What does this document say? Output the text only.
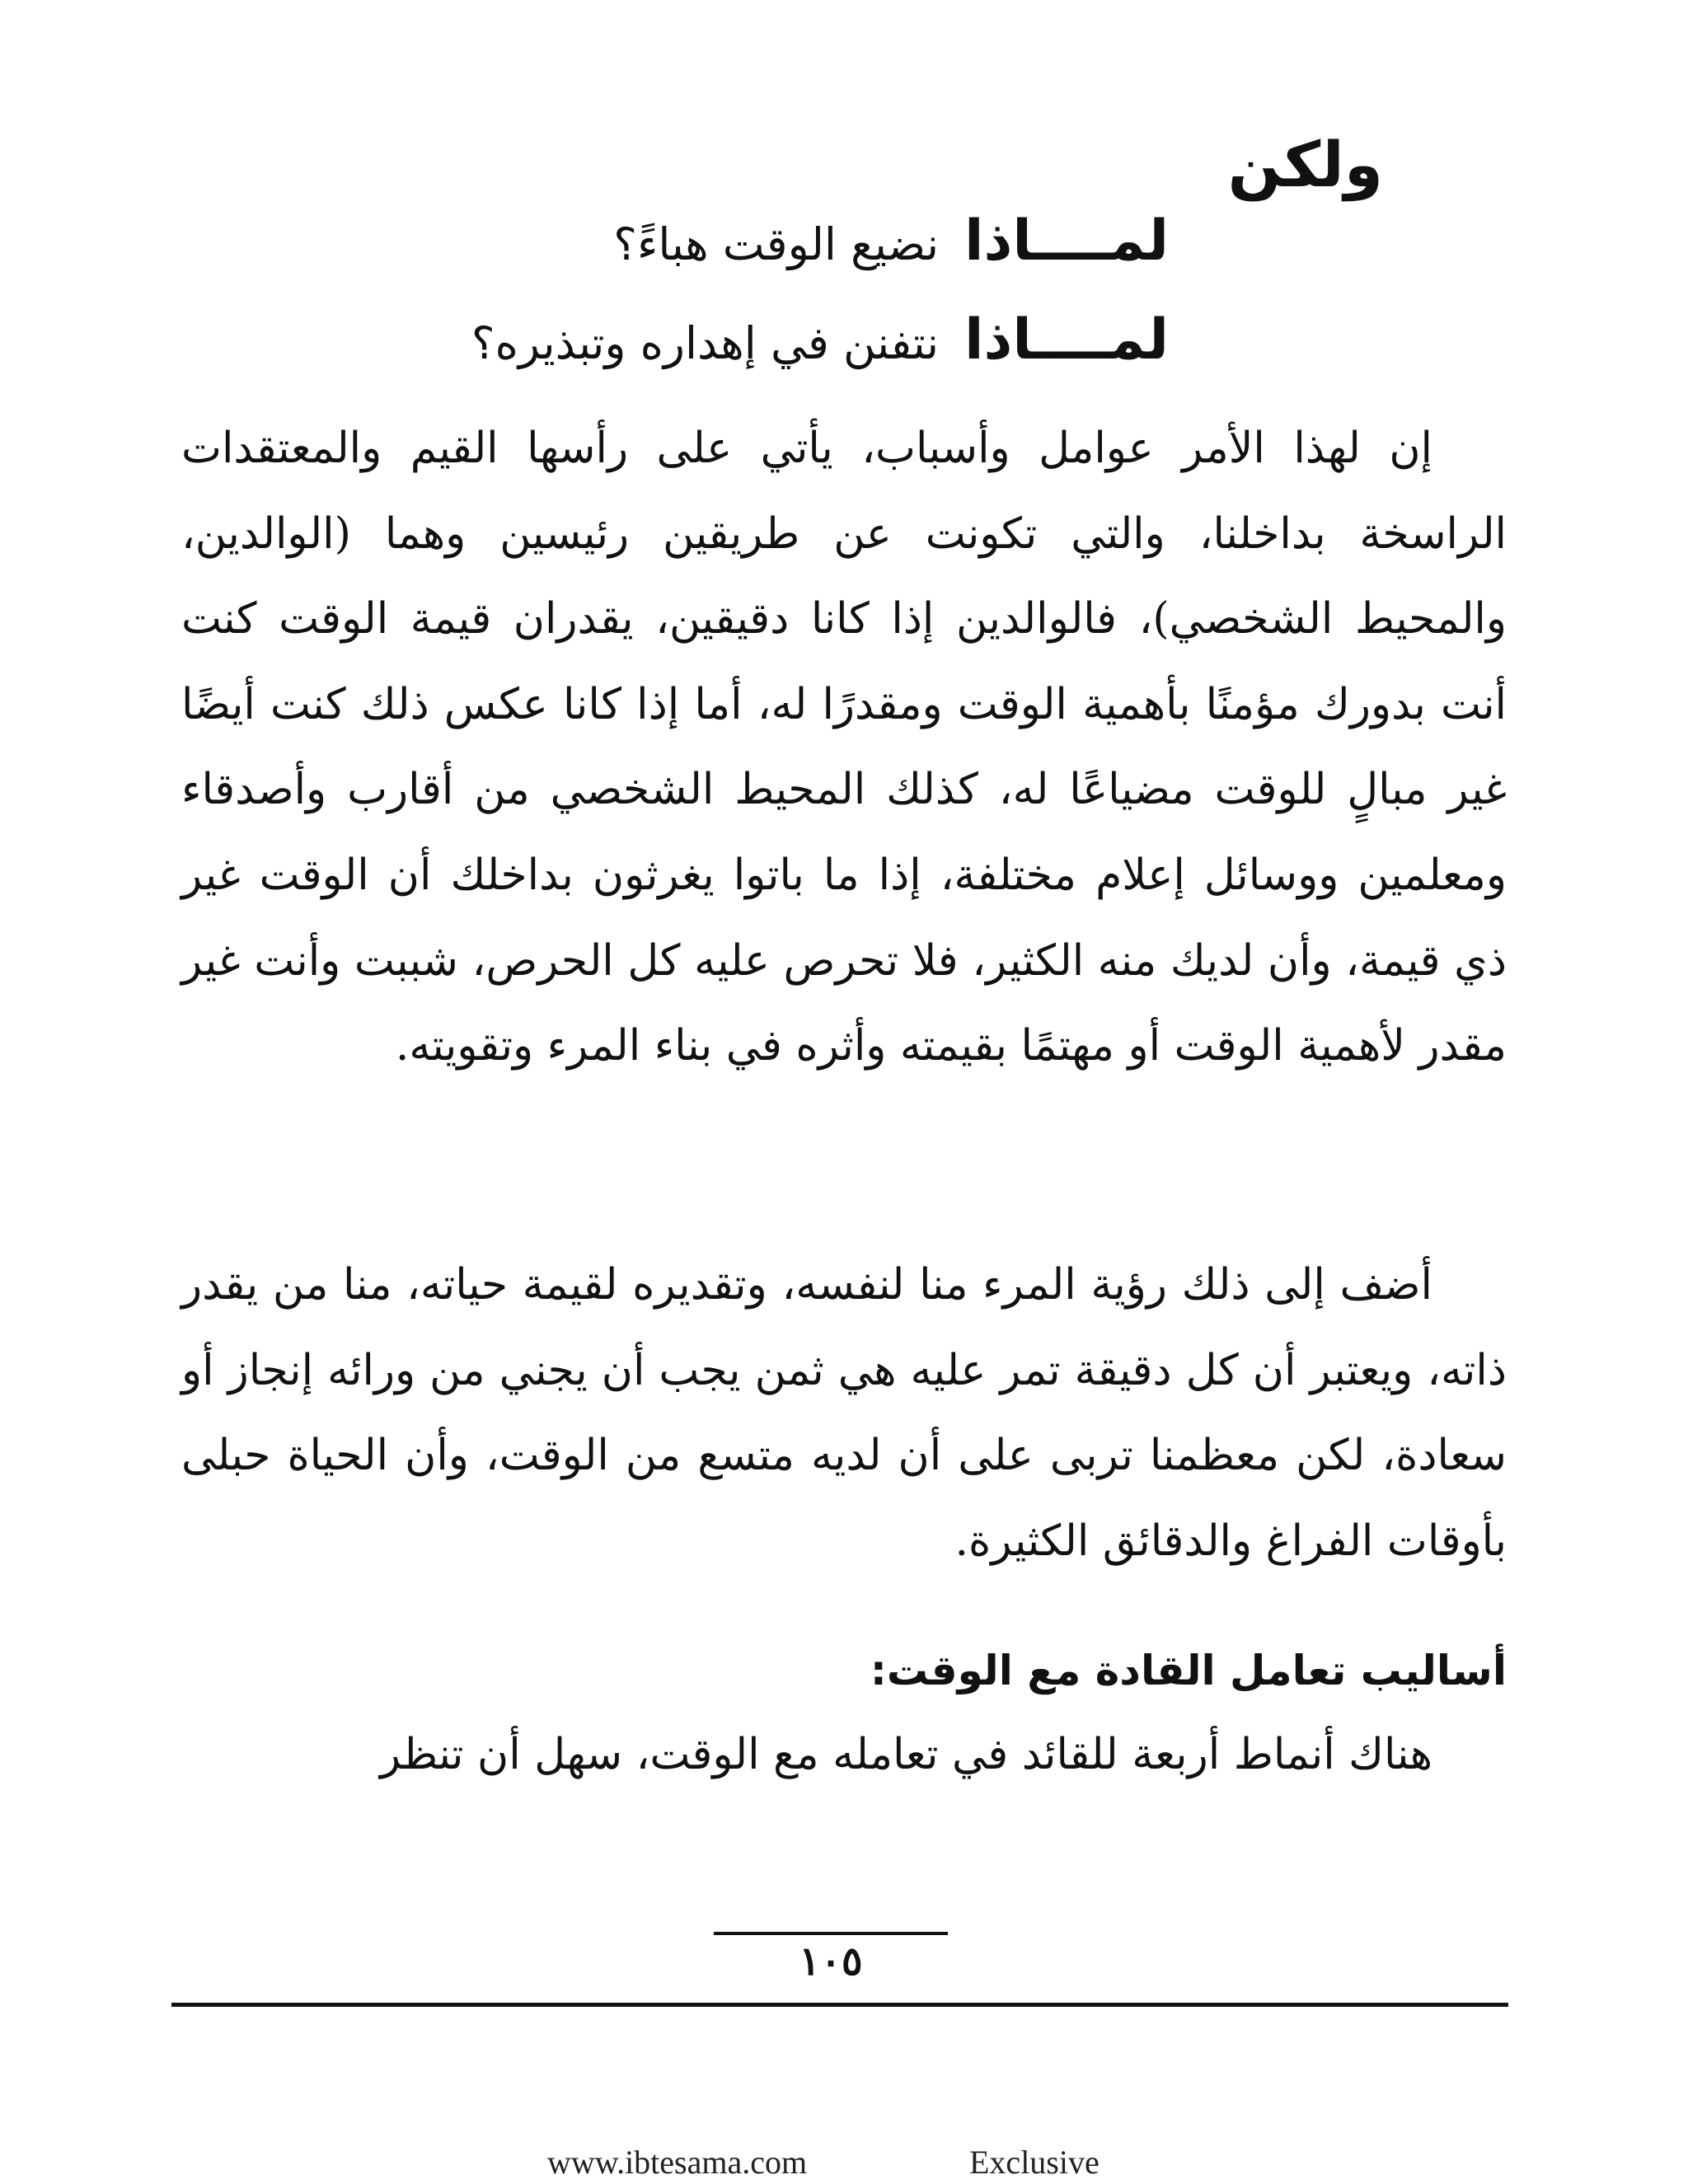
ولكن
لمــــاذا نضيع الوقت هباءً؟
لمــــاذا نتفنن في إهداره وتبذيره؟

إن لهذا الأمر عوامل وأسباب، يأتي على رأسها القيم والمعتقدات الراسخة بداخلنا، والتي تكونت عن طريقين رئيسين وهما (الوالدين، والمحيط الشخصي)، فالوالدين إذا كانا دقيقين، يقدران قيمة الوقت كنت أنت بدورك مؤمنًا بأهمية الوقت ومقدرًا له، أما إذا كانا عكس ذلك كنت أيضًا غير مبالٍ للوقت مضياعًا له، كذلك المحيط الشخصي من أقارب وأصدقاء ومعلمين ووسائل إعلام مختلفة، إذا ما باتوا يغرثون بداخلك أن الوقت غير ذي قيمة، وأن لديك منه الكثير، فلا تحرص عليه كل الحرص، شببت وأنت غير مقدر لأهمية الوقت أو مهتمًا بقيمته وأثره في بناء المرء وتقويته.

أضف إلى ذلك رؤية المرء منا لنفسه، وتقديره لقيمة حياته، منا من يقدر ذاته، ويعتبر أن كل دقيقة تمر عليه هي ثمن يجب أن يجني من ورائه إنجاز أو سعادة، لكن معظمنا تربى على أن لديه متسع من الوقت، وأن الحياة حبلى بأوقات الفراغ والدقائق الكثيرة.

أساليب تعامل القادة مع الوقت:

هناك أنماط أربعة للقائد في تعامله مع الوقت، سهل أن تنظر

١٠٥
www.ibtesama.com	Exclusive
